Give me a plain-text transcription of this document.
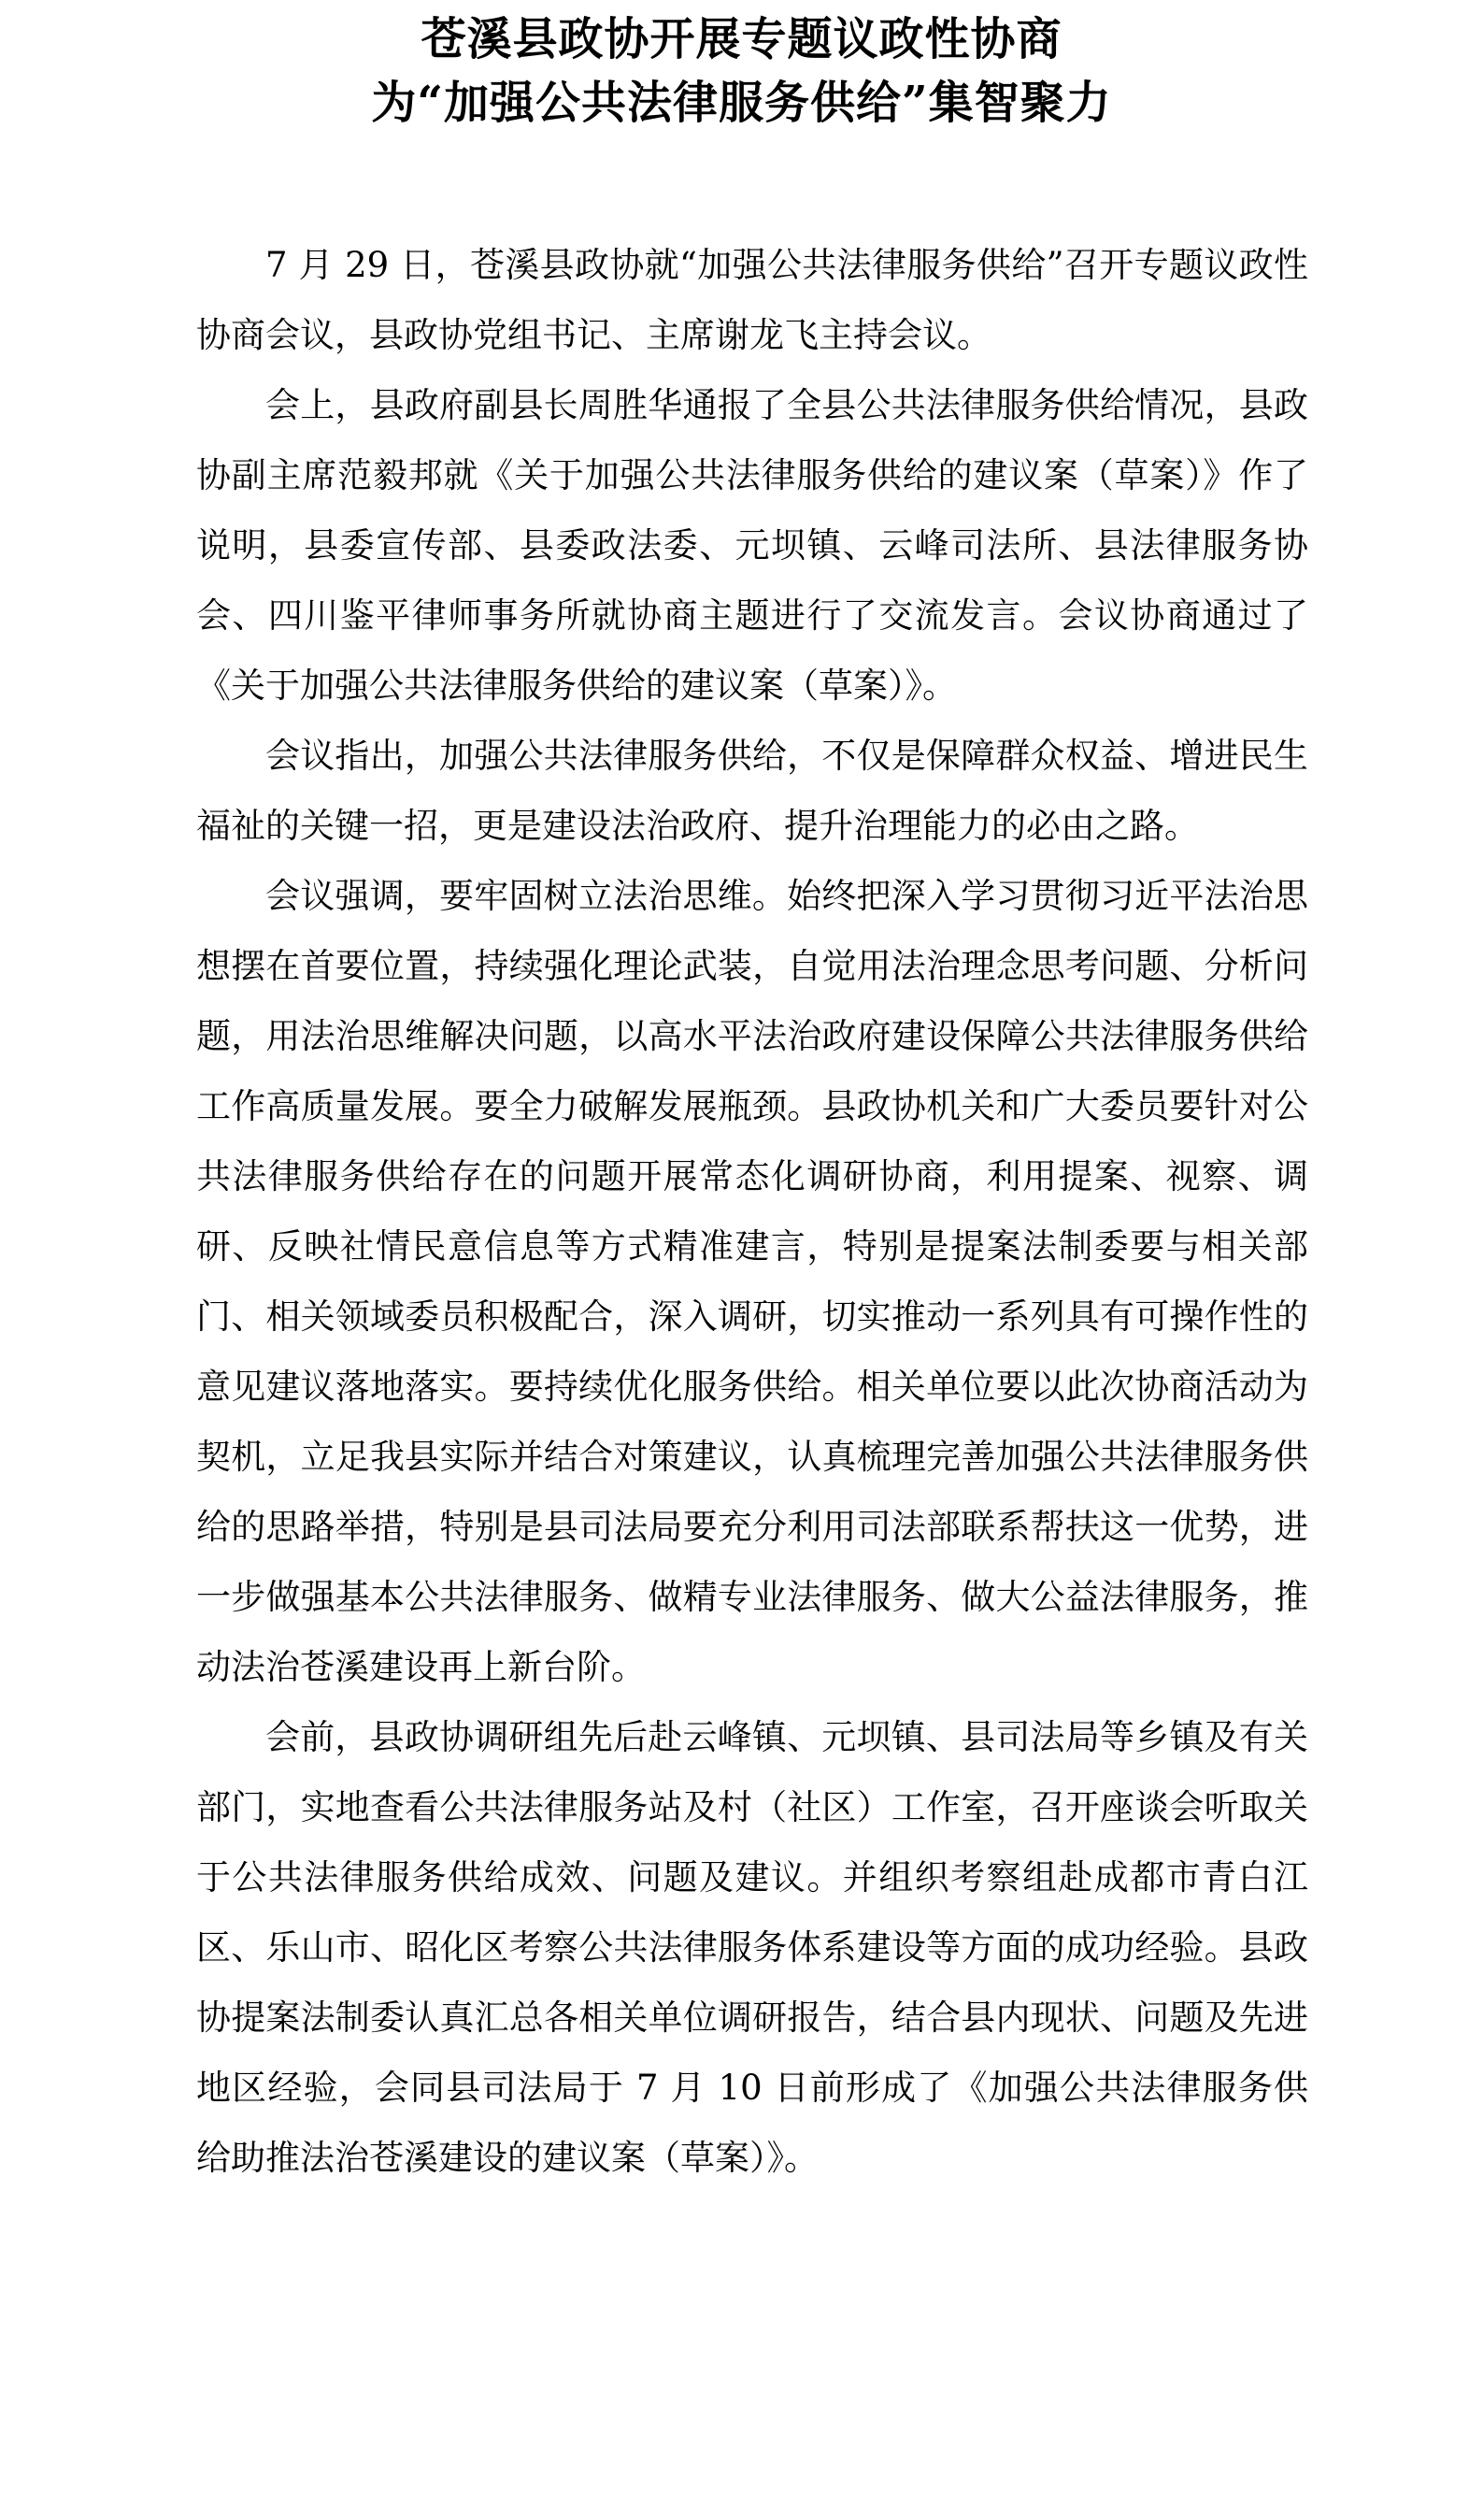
苍溪县政协开展专题议政性协商
为“加强公共法律服务供给”集智聚力

7 月 29 日，苍溪县政协就“加强公共法律服务供给”召开专题议政性协商会议，县政协党组书记、主席谢龙飞主持会议。

会上，县政府副县长周胜华通报了全县公共法律服务供给情况，县政协副主席范毅邦就《关于加强公共法律服务供给的建议案（草案）》作了说明，县委宣传部、县委政法委、元坝镇、云峰司法所、县法律服务协会、四川鉴平律师事务所就协商主题进行了交流发言。会议协商通过了《关于加强公共法律服务供给的建议案（草案）》。

会议指出，加强公共法律服务供给，不仅是保障群众权益、增进民生福祉的关键一招，更是建设法治政府、提升治理能力的必由之路。

会议强调，要牢固树立法治思维。始终把深入学习贯彻习近平法治思想摆在首要位置，持续强化理论武装，自觉用法治理念思考问题、分析问题，用法治思维解决问题，以高水平法治政府建设保障公共法律服务供给工作高质量发展。要全力破解发展瓶颈。县政协机关和广大委员要针对公共法律服务供给存在的问题开展常态化调研协商，利用提案、视察、调研、反映社情民意信息等方式精准建言，特别是提案法制委要与相关部门、相关领域委员积极配合，深入调研，切实推动一系列具有可操作性的意见建议落地落实。要持续优化服务供给。相关单位要以此次协商活动为契机，立足我县实际并结合对策建议，认真梳理完善加强公共法律服务供给的思路举措，特别是县司法局要充分利用司法部联系帮扶这一优势，进一步做强基本公共法律服务、做精专业法律服务、做大公益法律服务，推动法治苍溪建设再上新台阶。

会前，县政协调研组先后赴云峰镇、元坝镇、县司法局等乡镇及有关部门，实地查看公共法律服务站及村（社区）工作室，召开座谈会听取关于公共法律服务供给成效、问题及建议。并组织考察组赴成都市青白江区、乐山市、昭化区考察公共法律服务体系建设等方面的成功经验。县政协提案法制委认真汇总各相关单位调研报告，结合县内现状、问题及先进地区经验，会同县司法局于 7 月 10 日前形成了《加强公共法律服务供给助推法治苍溪建设的建议案（草案）》。
